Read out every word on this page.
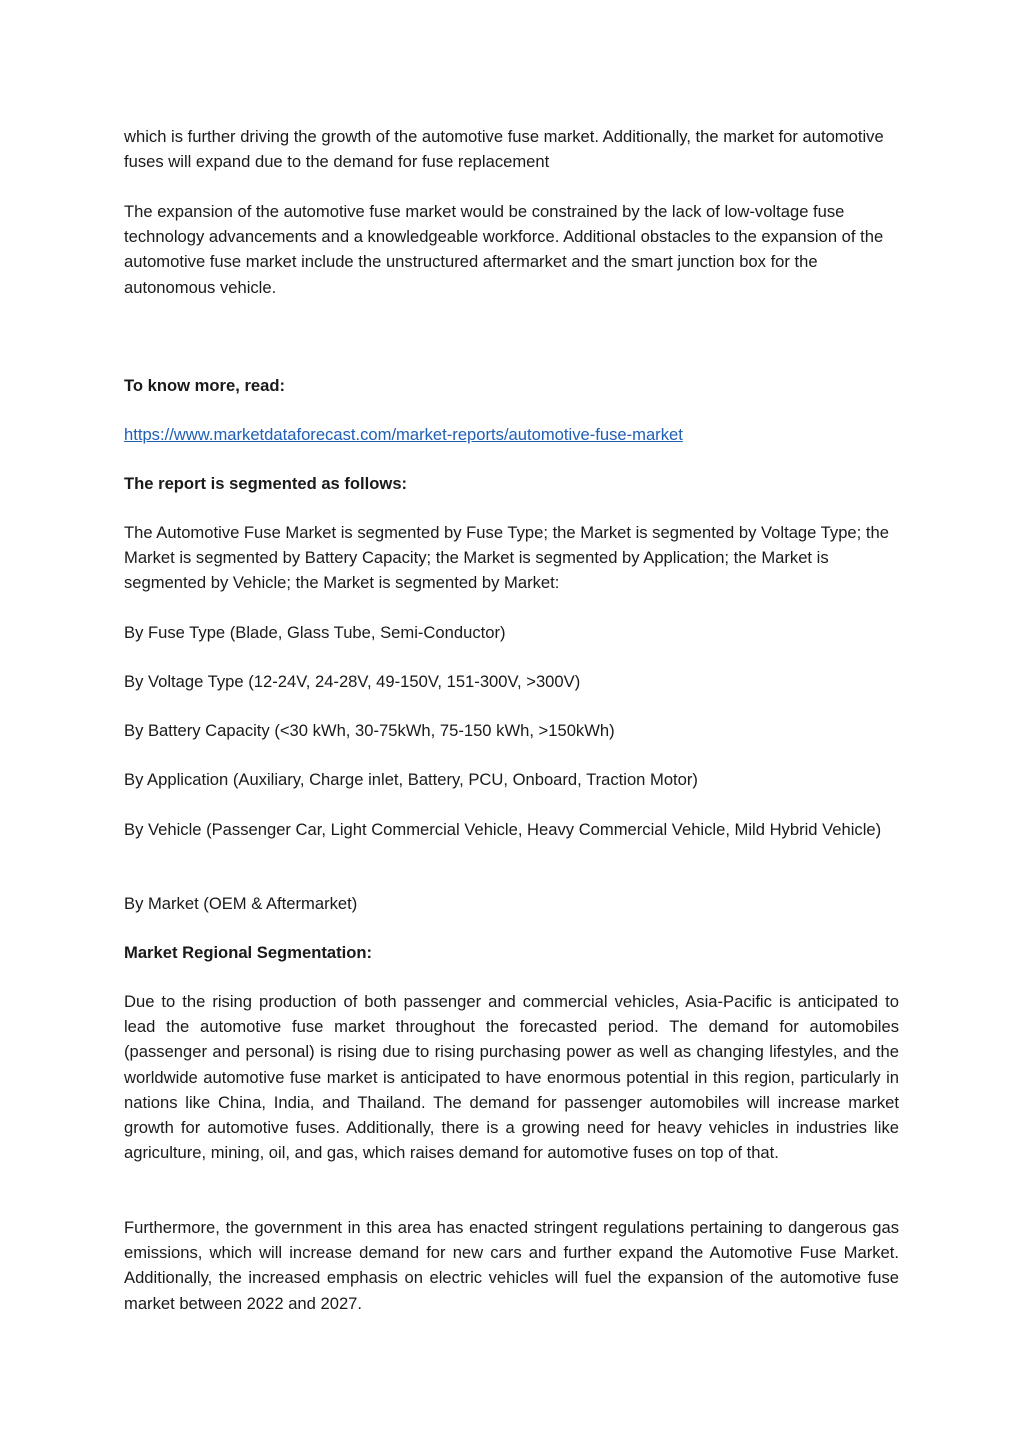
which is further driving the growth of the automotive fuse market. Additionally, the market for automotive fuses will expand due to the demand for fuse replacement

The expansion of the automotive fuse market would be constrained by the lack of low-voltage fuse technology advancements and a knowledgeable workforce. Additional obstacles to the expansion of the automotive fuse market include the unstructured aftermarket and the smart junction box for the autonomous vehicle.

To know more, read:

https://www.marketdataforecast.com/market-reports/automotive-fuse-market

The report is segmented as follows:

The Automotive Fuse Market is segmented by Fuse Type; the Market is segmented by Voltage Type; the Market is segmented by Battery Capacity; the Market is segmented by Application; the Market is segmented by Vehicle; the Market is segmented by Market:

By Fuse Type (Blade, Glass Tube, Semi-Conductor)

By Voltage Type (12-24V, 24-28V, 49-150V, 151-300V, >300V)

By Battery Capacity (<30 kWh, 30-75kWh, 75-150 kWh, >150kWh)

By Application (Auxiliary, Charge inlet, Battery, PCU, Onboard, Traction Motor)

By Vehicle (Passenger Car, Light Commercial Vehicle, Heavy Commercial Vehicle, Mild Hybrid Vehicle)

By Market (OEM & Aftermarket)

Market Regional Segmentation:

Due to the rising production of both passenger and commercial vehicles, Asia-Pacific is anticipated to lead the automotive fuse market throughout the forecasted period. The demand for automobiles (passenger and personal) is rising due to rising purchasing power as well as changing lifestyles, and the worldwide automotive fuse market is anticipated to have enormous potential in this region, particularly in nations like China, India, and Thailand. The demand for passenger automobiles will increase market growth for automotive fuses. Additionally, there is a growing need for heavy vehicles in industries like agriculture, mining, oil, and gas, which raises demand for automotive fuses on top of that.

Furthermore, the government in this area has enacted stringent regulations pertaining to dangerous gas emissions, which will increase demand for new cars and further expand the Automotive Fuse Market. Additionally, the increased emphasis on electric vehicles will fuel the expansion of the automotive fuse market between 2022 and 2027.
